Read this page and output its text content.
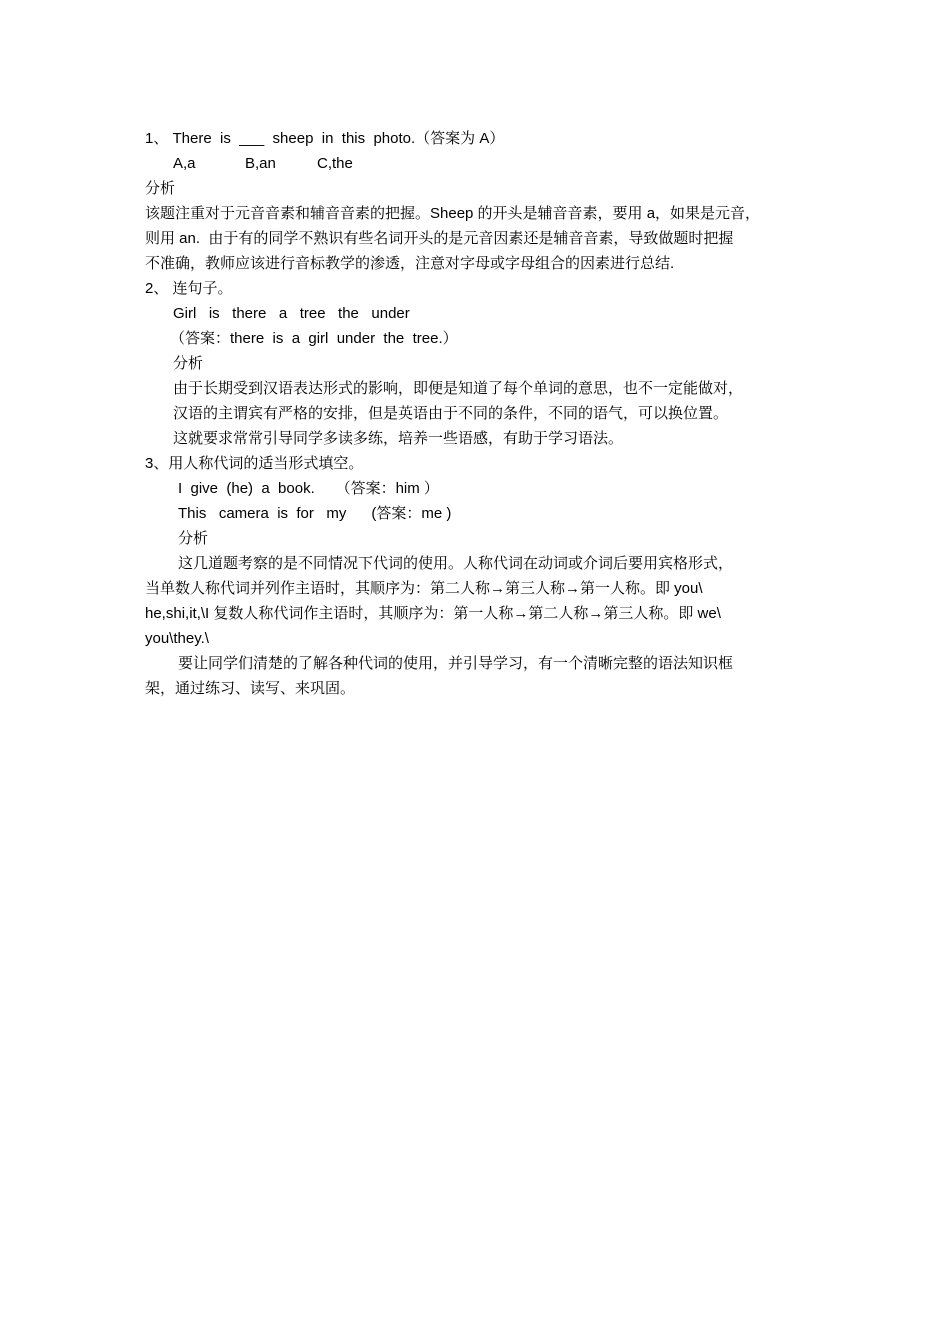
1、 There  is  ___  sheep  in  this  photo.（答案为 A）
A,a	B,an	C,the
分析
该题注重对于元音音素和辅音音素的把握。Sheep 的开头是辅音音素，要用 a，如果是元音，
则用 an.  由于有的同学不熟识有些名词开头的是元音因素还是辅音音素，导致做题时把握
不准确，教师应该进行音标教学的渗透，注意对字母或字母组合的因素进行总结.
2、 连句子。
Girl   is   there   a   tree   the   under
（答案：there  is  a  girl  under  the  tree.）
分析
由于长期受到汉语表达形式的影响，即便是知道了每个单词的意思，也不一定能做对，
汉语的主谓宾有严格的安排，但是英语由于不同的条件，不同的语气，可以换位置。
这就要求常常引导同学多读多练，培养一些语感，有助于学习语法。
3、用人称代词的适当形式填空。
I  give  (he)  a  book.     （答案：him ）
This   camera  is  for   my      (答案：me )
分析
这几道题考察的是不同情况下代词的使用。人称代词在动词或介词后要用宾格形式，
当单数人称代词并列作主语时，其顺序为：第二人称→第三人称→第一人称。即 you\
he,shi,it,\I 复数人称代词作主语时，其顺序为：第一人称→第二人称→第三人称。即 we\
you\they.\
要让同学们清楚的了解各种代词的使用，并引导学习，有一个清晰完整的语法知识框
架，通过练习、读写、来巩固。
